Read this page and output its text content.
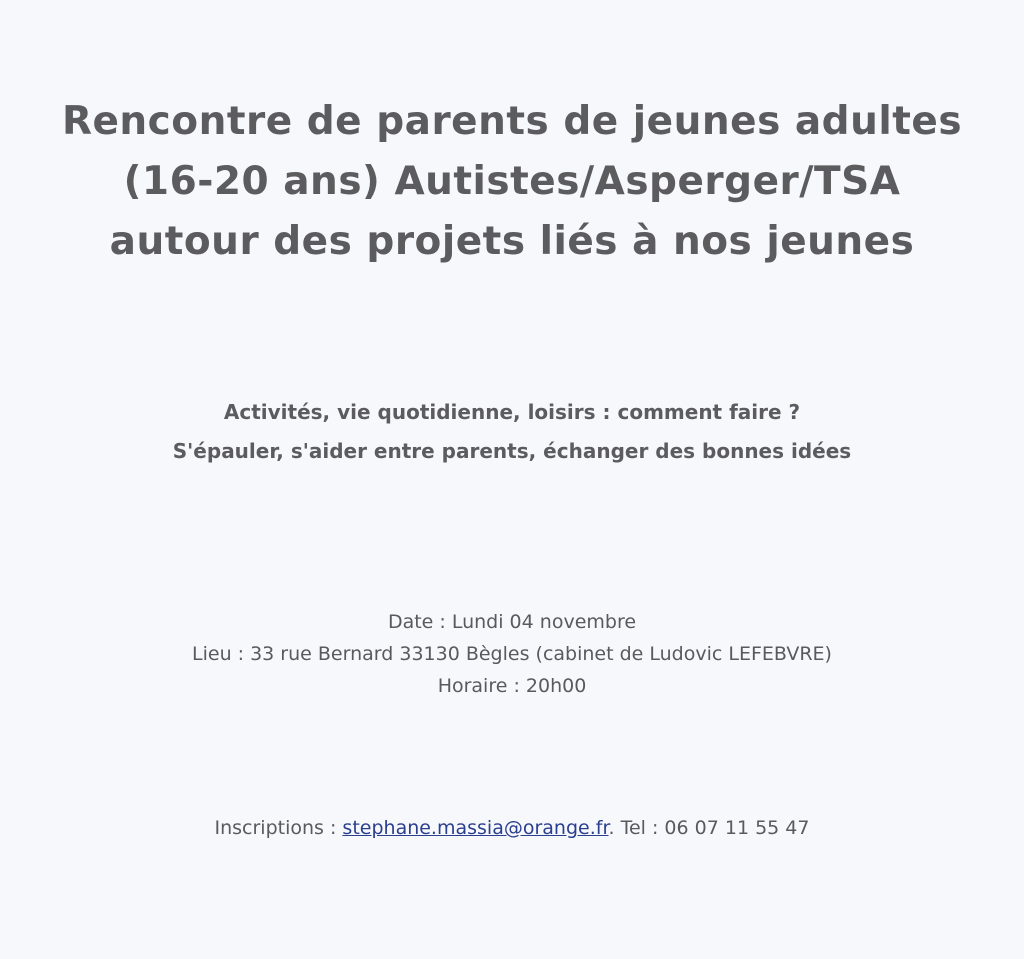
Rencontre de parents de jeunes adultes
(16-20 ans) Autistes/Asperger/TSA
autour des projets liés à nos jeunes
Activités, vie quotidienne, loisirs : comment faire ?
S'épauler, s'aider entre parents, échanger des bonnes idées
Date : Lundi 04 novembre
Lieu : 33 rue Bernard 33130 Bègles (cabinet de Ludovic LEFEBVRE)
Horaire : 20h00
Inscriptions : stephane.massia@orange.fr. Tel : 06 07 11 55 47
